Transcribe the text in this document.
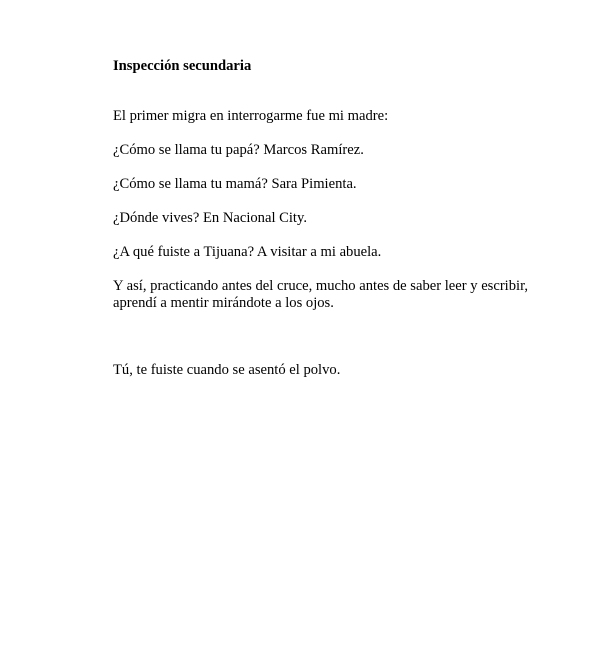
Inspección secundaria

El primer migra en interrogarme fue mi madre:

¿Cómo se llama tu papá? Marcos Ramírez.

¿Cómo se llama tu mamá? Sara Pimienta.

¿Dónde vives? En Nacional City.

¿A qué fuiste a Tijuana? A visitar a mi abuela.

Y así, practicando antes del cruce, mucho antes de saber leer y escribir, aprendí a mentir mirándote a los ojos.

Tú, te fuiste cuando se asentó el polvo.
